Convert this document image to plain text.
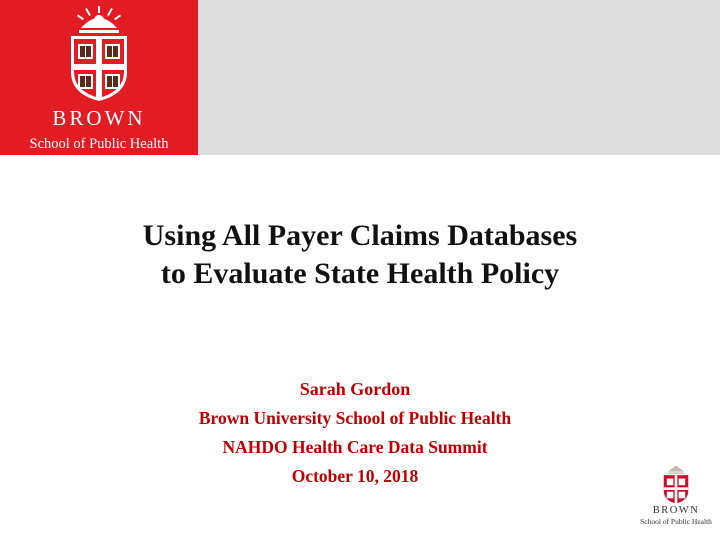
BROWN
School of Public Health
Using All Payer Claims Databases
to Evaluate State Health Policy
Sarah Gordon
Brown University School of Public Health
NAHDO Health Care Data Summit
October 10, 2018
BROWN
School of Public Health
